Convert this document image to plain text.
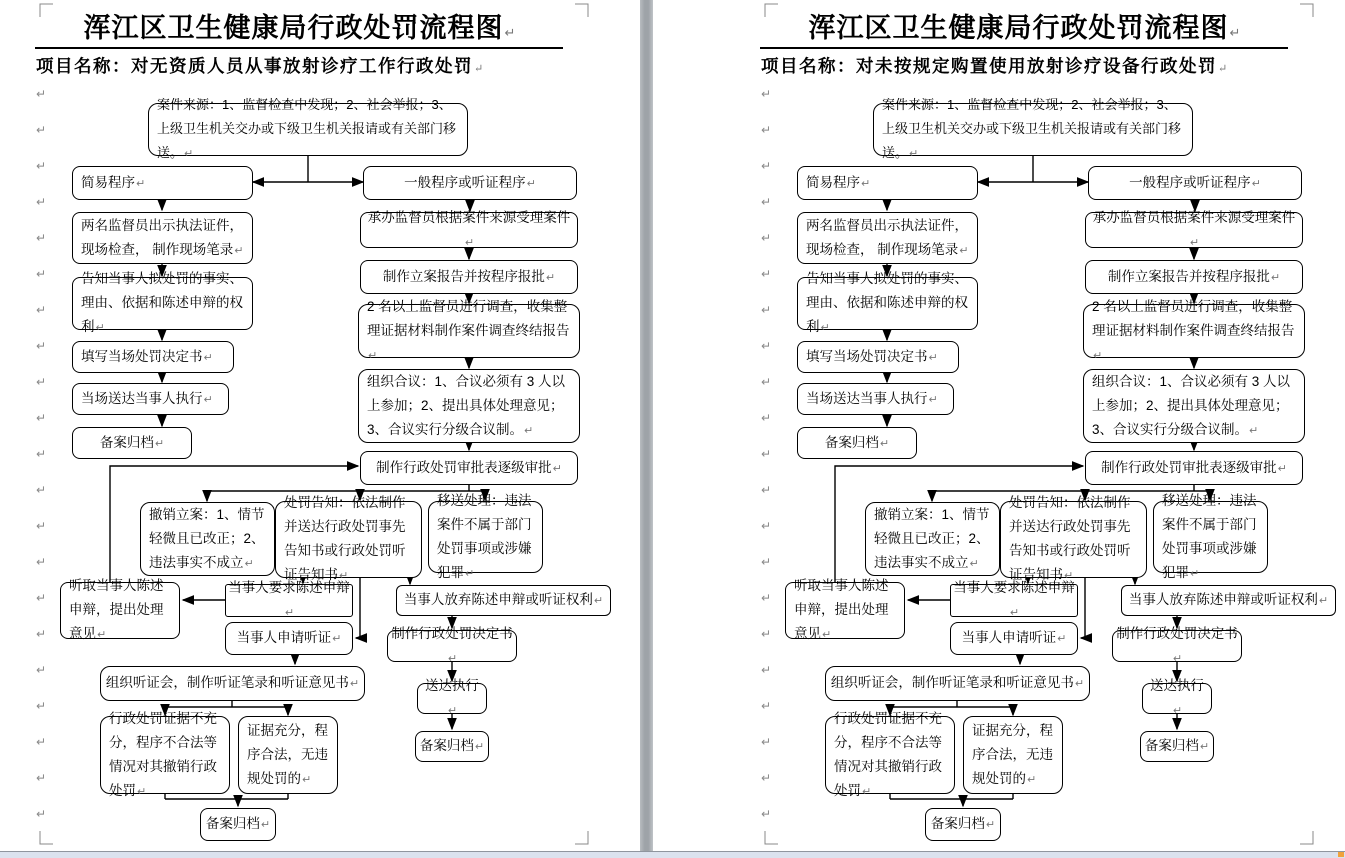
浑江区卫生健康局行政处罚流程图↵
项目名称：对无资质人员从事放射诊疗工作行政处罚↵
↵
↵
↵
↵
↵
↵
↵
↵
↵
↵
↵
↵
↵
↵
↵
↵
↵
↵
↵
↵
↵
案件来源：1、监督检查中发现；2、社会举报；3、上级卫生机关交办或下级卫生机关报请或有关部门移送。↵
简易程序↵	一般程序或听证程序↵
两名监督员出示执法证件，现场检查， 制作现场笔录↵
承办监督员根据案件来源受理案件↵
告知当事人拟处罚的事实、理由、依据和陈述申辩的权利↵
制作立案报告并按程序报批↵
填写当场处罚决定书↵
2 名以上监督员进行调查，收集整理证据材料制作案件调查终结报告↵
当场送达当事人执行↵
组织合议：1、合议必须有 3 人以上参加；2、提出具体处理意见；3、合议实行分级合议制。↵
备案归档↵
制作行政处罚审批表逐级审批↵
撤销立案：1、情节轻微且已改正；2、违法事实不成立↵
处罚告知：依法制作并送达行政处罚事先告知书或行政处罚听证告知书↵
移送处理：违法案件不属于部门处罚事项或涉嫌犯罪↵
听取当事人陈述申辩，提出处理意见↵
当事人要求陈述申辩↵
当事人申请听证↵
当事人放弃陈述申辩或听证权利↵
制作行政处罚决定书↵
组织听证会，制作听证笔录和听证意见书↵	送达执行↵
行政处罚证据不充分，程序不合法等情况对其撤销行政处罚↵
证据充分，程序合法，无违规处罚的↵
备案归档↵
备案归档↵
浑江区卫生健康局行政处罚流程图↵
项目名称：对未按规定购置使用放射诊疗设备行政处罚↵
↵
↵
↵
↵
↵
↵
↵
↵
↵
↵
↵
↵
↵
↵
↵
↵
↵
↵
↵
↵
↵
案件来源：1、监督检查中发现；2、社会举报；3、上级卫生机关交办或下级卫生机关报请或有关部门移送。↵
简易程序↵	一般程序或听证程序↵
两名监督员出示执法证件，现场检查， 制作现场笔录↵
承办监督员根据案件来源受理案件↵
告知当事人拟处罚的事实、理由、依据和陈述申辩的权利↵
制作立案报告并按程序报批↵
填写当场处罚决定书↵
2 名以上监督员进行调查，收集整理证据材料制作案件调查终结报告↵
当场送达当事人执行↵
组织合议：1、合议必须有 3 人以上参加；2、提出具体处理意见；3、合议实行分级合议制。↵
备案归档↵
制作行政处罚审批表逐级审批↵
撤销立案：1、情节轻微且已改正；2、违法事实不成立↵
处罚告知：依法制作并送达行政处罚事先告知书或行政处罚听证告知书↵
移送处理：违法案件不属于部门处罚事项或涉嫌犯罪↵
听取当事人陈述申辩，提出处理意见↵
当事人要求陈述申辩↵
当事人申请听证↵
当事人放弃陈述申辩或听证权利↵
制作行政处罚决定书↵
组织听证会，制作听证笔录和听证意见书↵	送达执行↵
行政处罚证据不充分，程序不合法等情况对其撤销行政处罚↵
证据充分，程序合法，无违规处罚的↵
备案归档↵
备案归档↵
